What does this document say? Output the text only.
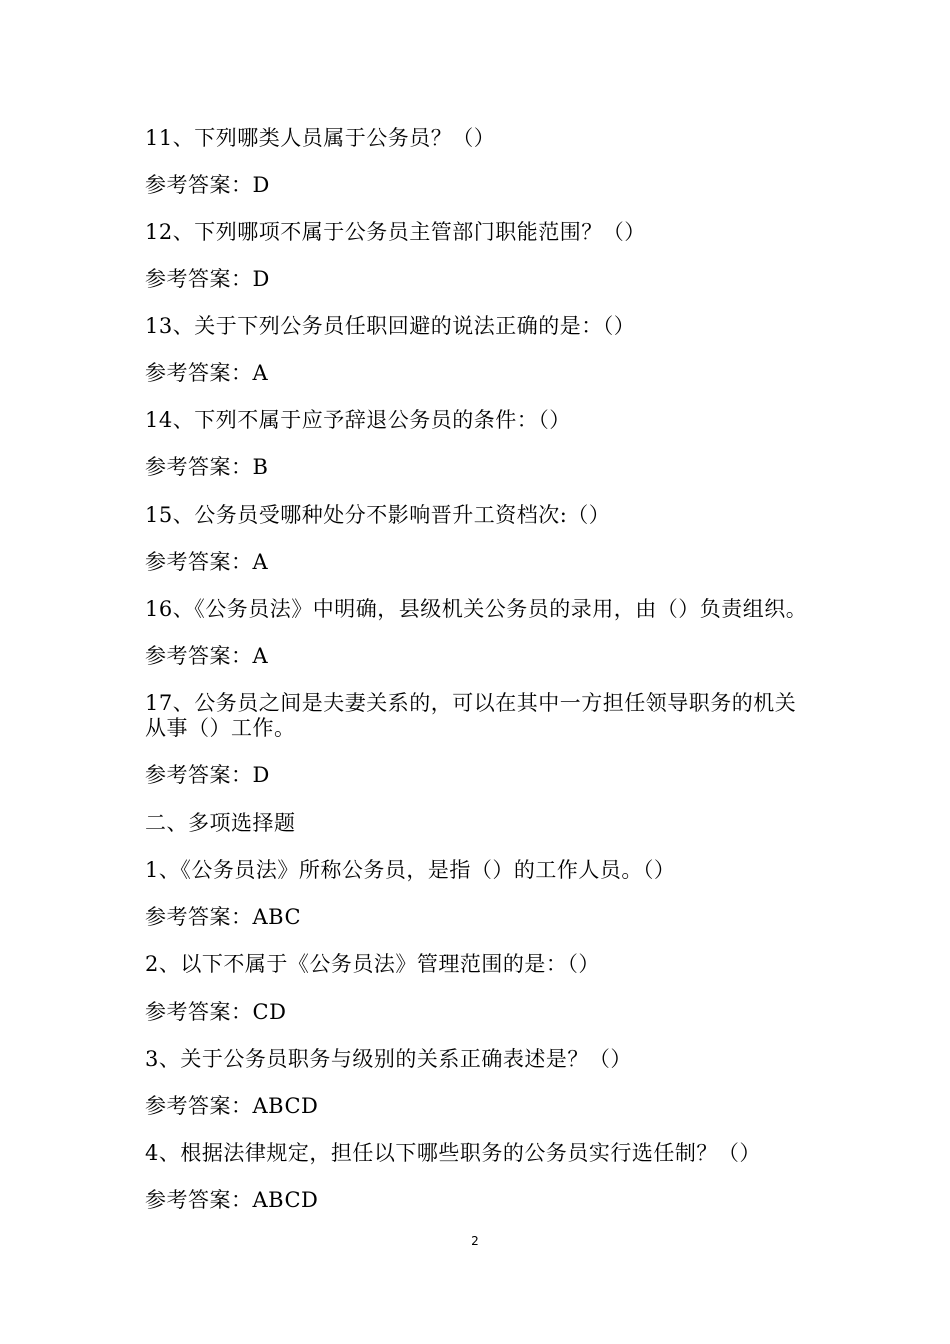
11、下列哪类人员属于公务员？（）
参考答案：D
12、下列哪项不属于公务员主管部门职能范围？（）
参考答案：D
13、关于下列公务员任职回避的说法正确的是：（）
参考答案：A
14、下列不属于应予辞退公务员的条件：（）
参考答案：B
15、公务员受哪种处分不影响晋升工资档次:（）
参考答案：A
16、《公务员法》中明确，县级机关公务员的录用，由（）负责组织。
参考答案：A
17、公务员之间是夫妻关系的，可以在其中一方担任领导职务的机关
从事（）工作。
参考答案：D
二、多项选择题
1、《公务员法》所称公务员，是指（）的工作人员。（）
参考答案：ABC
2、以下不属于《公务员法》管理范围的是：（）
参考答案：CD
3、关于公务员职务与级别的关系正确表述是？（）
参考答案：ABCD
4、根据法律规定，担任以下哪些职务的公务员实行选任制？（）
参考答案：ABCD
2
